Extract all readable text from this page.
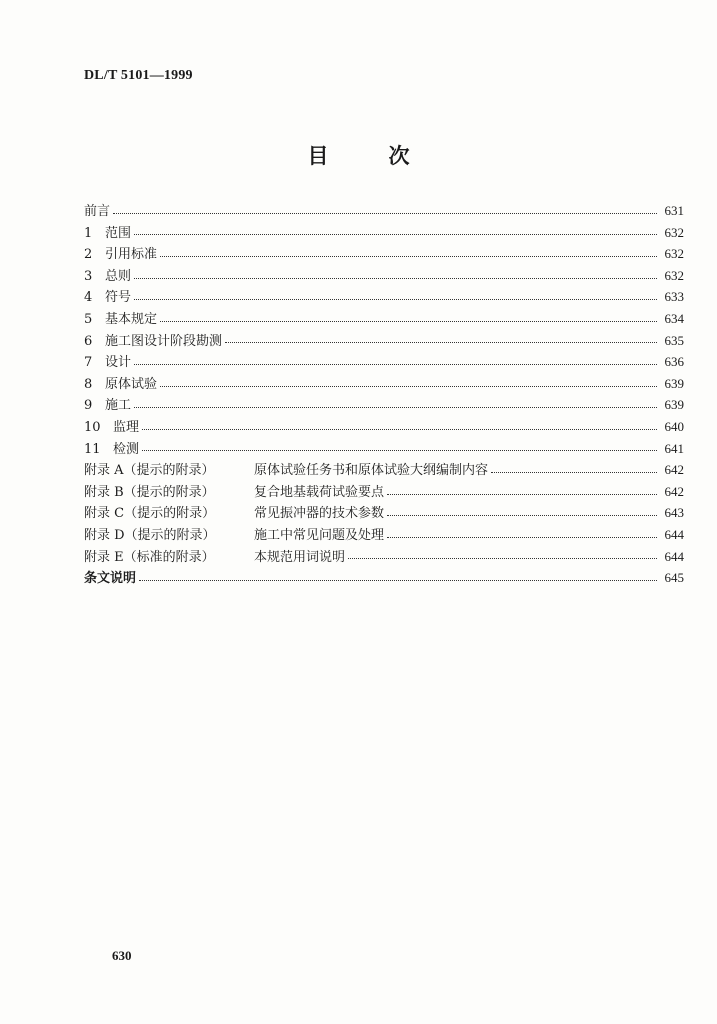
DL/T 5101—1999
目	次
前言	631
1 范围	632
2 引用标准	632
3 总则	632
4 符号	633
5 基本规定	634
6 施工图设计阶段勘测	635
7 设计	636
8 原体试验	639
9 施工	639
10 监理	640
11 检测	641
附录 A（提示的附录）	原体试验任务书和原体试验大纲编制内容	642
附录 B（提示的附录）	复合地基载荷试验要点	642
附录 C（提示的附录）	常见振冲器的技术参数	643
附录 D（提示的附录）	施工中常见问题及处理	644
附录 E（标准的附录）	本规范用词说明	644
条文说明	645
630
